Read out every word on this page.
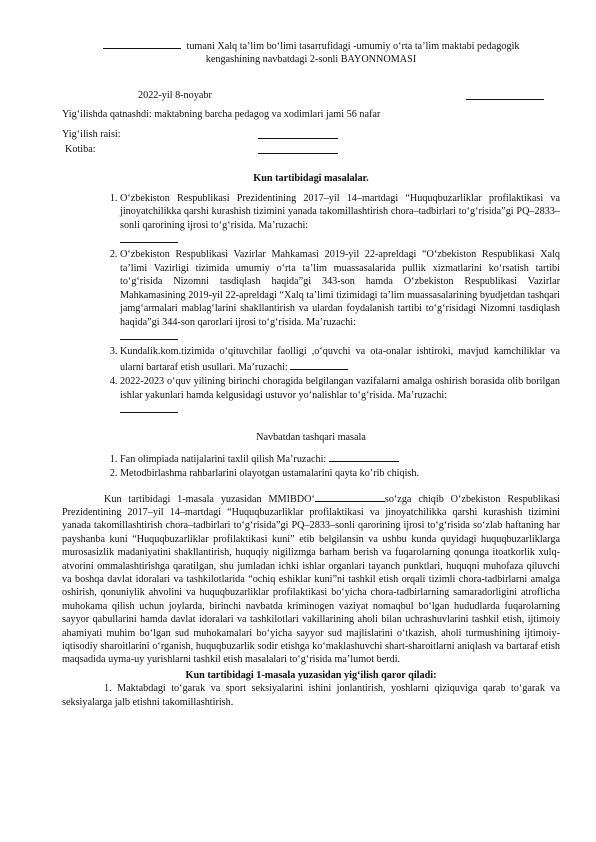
tumani Xalq ta’lim bo‘limi tasarrufidagi -umumiy o‘rta ta’lim maktabi pedagogik
kengashining navbatdagi 2-sonli BAYONNOMASI
2022-yil 8-noyabr
Yig‘ilishda qatnashdi: maktabning barcha pedagog va xodimlari jami 56 nafar
Yig‘ilish raisi:
Kotiba:
Kun tartibidagi masalalar.
1. O‘zbekiston Respublikasi Prezidentining 2017–yil 14–martdagi “Huquqbuzarliklar profilaktikasi va jinoyatchilikka qarshi kurashish tizimini yanada takomillashtirish chora–tadbirlari to‘g‘risida”gi PQ–2833–sonli qarorining ijrosi to‘g‘risida. Ma’ruzachi:

2. O‘zbekiston Respublikasi Vazirlar Mahkamasi 2019-yil 22-apreldagi “O‘zbekiston Respublikasi Xalq ta’limi Vazirligi tizimida umumiy o‘rta ta’lim muassasalarida pullik xizmatlarini ko‘rsatish tartibi to‘g‘risida Nizomni tasdiqlash haqida”gi 343-son hamda O‘zbekiston Respublikasi Vazirlar Mahkamasining 2019-yil 22-apreldagi “Xalq ta’limi tizimidagi ta’lim muassasalarining byudjetdan tashqari jamg‘armalari mablag‘larini shakllantirish va ulardan foydalanish tartibi to‘g‘risidagi Nizomni tasdiqlash haqida”gi 344-son qarorlari ijrosi to‘g‘risida. Ma’ruzachi:

3. Kundalik.kom.tizimida o‘qituvchilar faolligi ,o‘quvchi va ota-onalar ishtiroki, mavjud kamchiliklar va ularni bartaraf etish usullari. Ma’ruzachi:
4. 2022-2023 o‘quv yilining birinchi choragida belgilangan vazifalarni amalga oshirish borasida olib borilgan ishlar yakunlari hamda kelgusidagi ustuvor yo‘nalishlar to‘g‘risida. Ma’ruzachi:

Navbatdan tashqari masala
1. Fan olimpiada natijalarini taxlil qilish Ma’ruzachi:
2. Metodbirlashma rahbarlarini olayotgan ustamalarini qayta ko’rib chiqish.
Kun tartibidagi 1-masala yuzasidan MMIBDO‘	so‘zga chiqib O‘zbekiston Respublikasi Prezidentining 2017–yil 14–martdagi “Huquqbuzarliklar profilaktikasi va jinoyatchilikka qarshi kurashish tizimini yanada takomillashtirish chora–tadbirlari to‘g‘risida”gi PQ–2833–sonli qarorining ijrosi to‘g‘risida so‘zlab haftaning har payshanba kuni “Huquqbuzarliklar profilaktikasi kuni” etib belgilansin va ushbu kunda quyidagi huquqbuzarliklarga murosasizlik madaniyatini shakllantirish, huquqiy nigilizmga barham berish va fuqarolarning qonunga itoatkorlik xulq-atvorini ommalashtirishga qaratilgan, shu jumladan ichki ishlar organlari tayanch punktlari, huquqni muhofaza qiluvchi va boshqa davlat idoralari va tashkilotlarida “ochiq eshiklar kuni”ni tashkil etish orqali tizimli chora-tadbirlarni amalga oshirish, qonuniylik ahvolini va huquqbuzarliklar profilaktikasi bo‘yicha chora-tadbirlarning samaradorligini atroflicha muhokama qilish uchun joylarda, birinchi navbatda kriminogen vaziyat nomaqbul bo‘lgan hududlarda fuqarolarning sayyor qabullarini hamda davlat idoralari va tashkilotlari vakillarining aholi bilan uchrashuvlarini tashkil etish, ijtimoiy ahamiyati muhim bo‘lgan sud muhokamalari bo‘yicha sayyor sud majlislarini o‘tkazish, aholi turmushining ijtimoiy-iqtisodiy sharoitlarini o‘rganish, huquqbuzarlik sodir etishga ko‘maklashuvchi shart-sharoitlarni aniqlash va bartaraf etish maqsadida uyma-uy yurishlarni tashkil etish masalalari to‘g‘risida ma’lumot berdi.
Kun tartibidagi 1-masala yuzasidan yig‘ilish qaror qiladi:
1. Maktabdagi to‘garak va sport seksiyalarini ishini jonlantirish, yoshlarni qiziquviga qarab to‘garak va seksiyalarga jalb etishni takomillashtirish.
